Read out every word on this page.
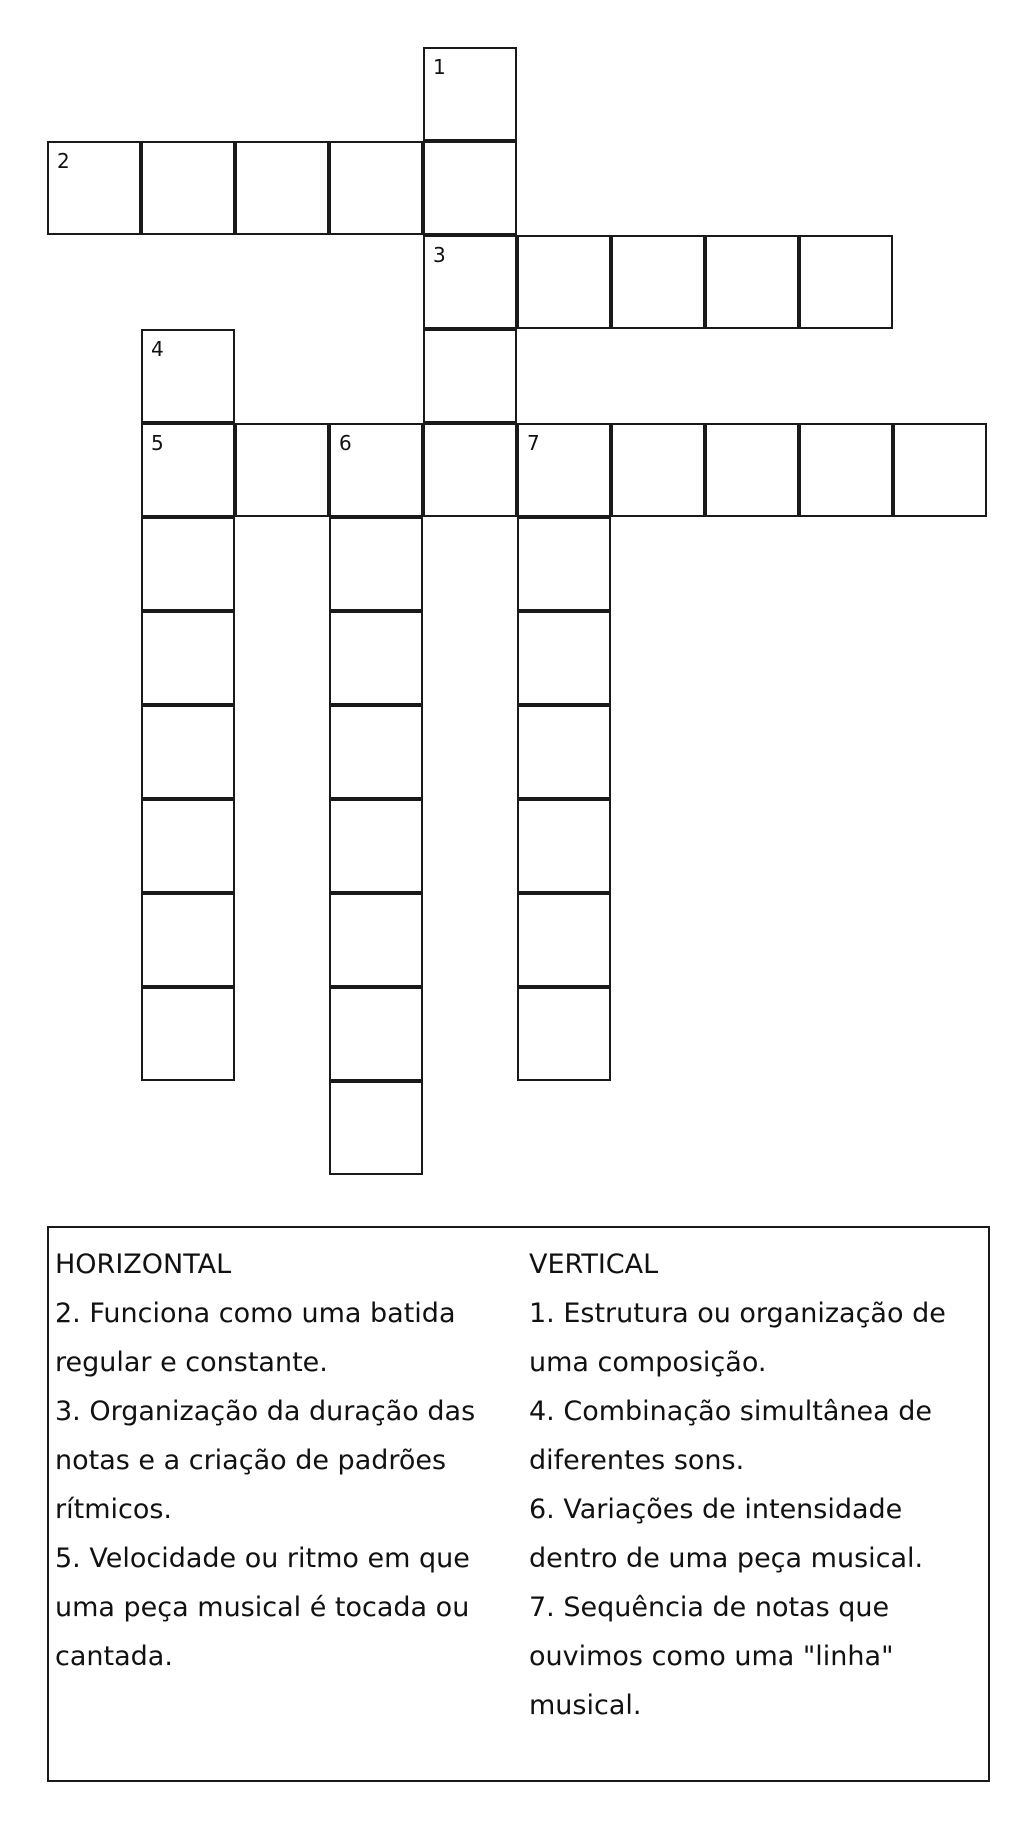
1
2
3
4
5	6	7
HORIZONTAL
2. Funciona como uma batida
regular e constante.
3. Organização da duração das
notas e a criação de padrões
rítmicos.
5. Velocidade ou ritmo em que
uma peça musical é tocada ou
cantada.
VERTICAL
1. Estrutura ou organização de
uma composição.
4. Combinação simultânea de
diferentes sons.
6. Variações de intensidade
dentro de uma peça musical.
7. Sequência de notas que
ouvimos como uma "linha"
musical.
